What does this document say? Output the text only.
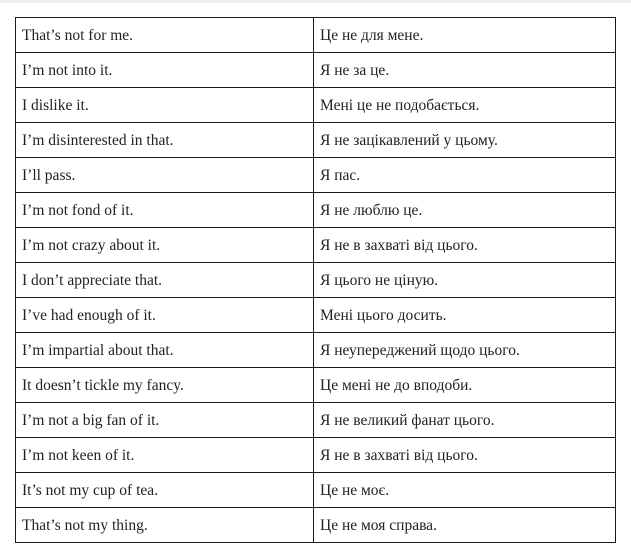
That’s not for me.	Це не для мене.
I’m not into it.	Я не за це.
I dislike it.	Мені це не подобається.
I’m disinterested in that.	Я не зацікавлений у цьому.
I’ll pass.	Я пас.
I’m not fond of it.	Я не люблю це.
I’m not crazy about it.	Я не в захваті від цього.
I don’t appreciate that.	Я цього не ціную.
I’ve had enough of it.	Мені цього досить.
I’m impartial about that.	Я неупереджений щодо цього.
It doesn’t tickle my fancy.	Це мені не до вподоби.
I’m not a big fan of it.	Я не великий фанат цього.
I’m not keen of it.	Я не в захваті від цього.
It’s not my cup of tea.	Це не моє.
That’s not my thing.	Це не моя справа.
